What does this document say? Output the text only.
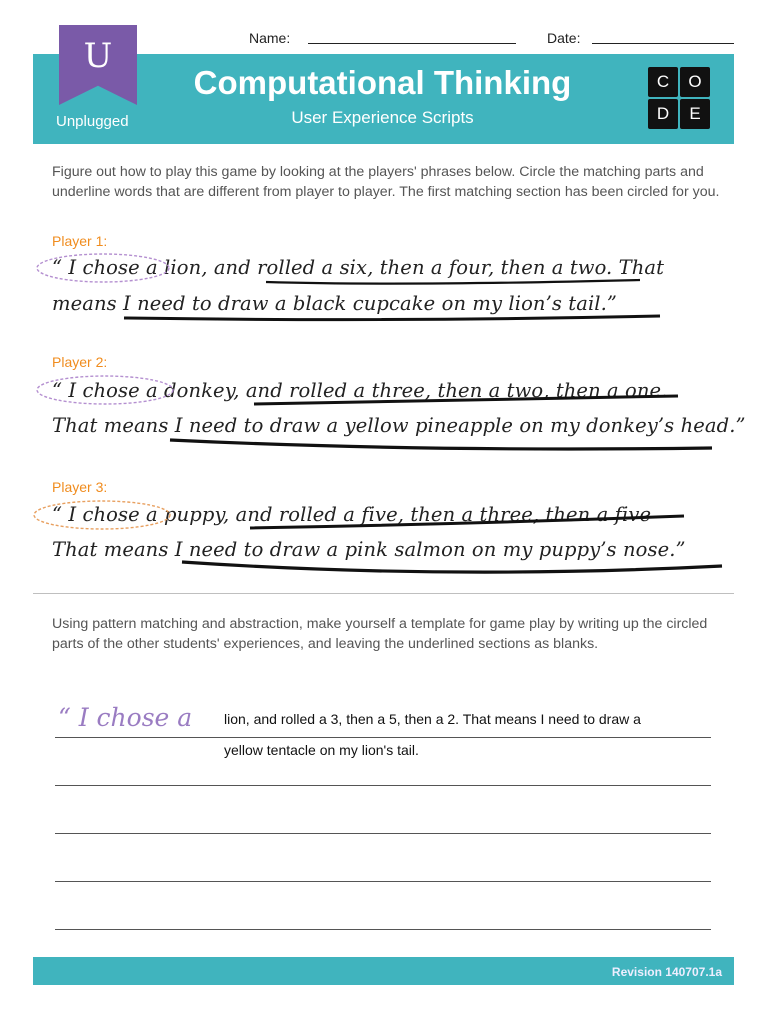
Name:	Date:
U
Unplugged
Computational Thinking
User Experience Scripts
C	O
D	E
Figure out how to play this game by looking at the players' phrases below. Circle the matching parts and underline words that are different from player to player. The first matching section has been circled for you.
Player 1:
“ I chose a lion, and rolled a six, then a four, then a two. That
means I need to draw a black cupcake on my lion’s tail.”
Player 2:
“ I chose a donkey, and rolled a three, then a two, then a one.
That means I need to draw a yellow pineapple on my donkey’s head.”
Player 3:
“ I chose a puppy, and rolled a five, then a three, then a five
That means I need to draw a pink salmon on my puppy’s nose.”
Using pattern matching and abstraction, make yourself a template for game play by writing up the circled parts of the other students' experiences, and leaving the underlined sections as blanks.
“ I chose a lion, and rolled a 3, then a 5, then a 2. That means I need to draw a
yellow tentacle on my lion's tail.
Revision 140707.1a
